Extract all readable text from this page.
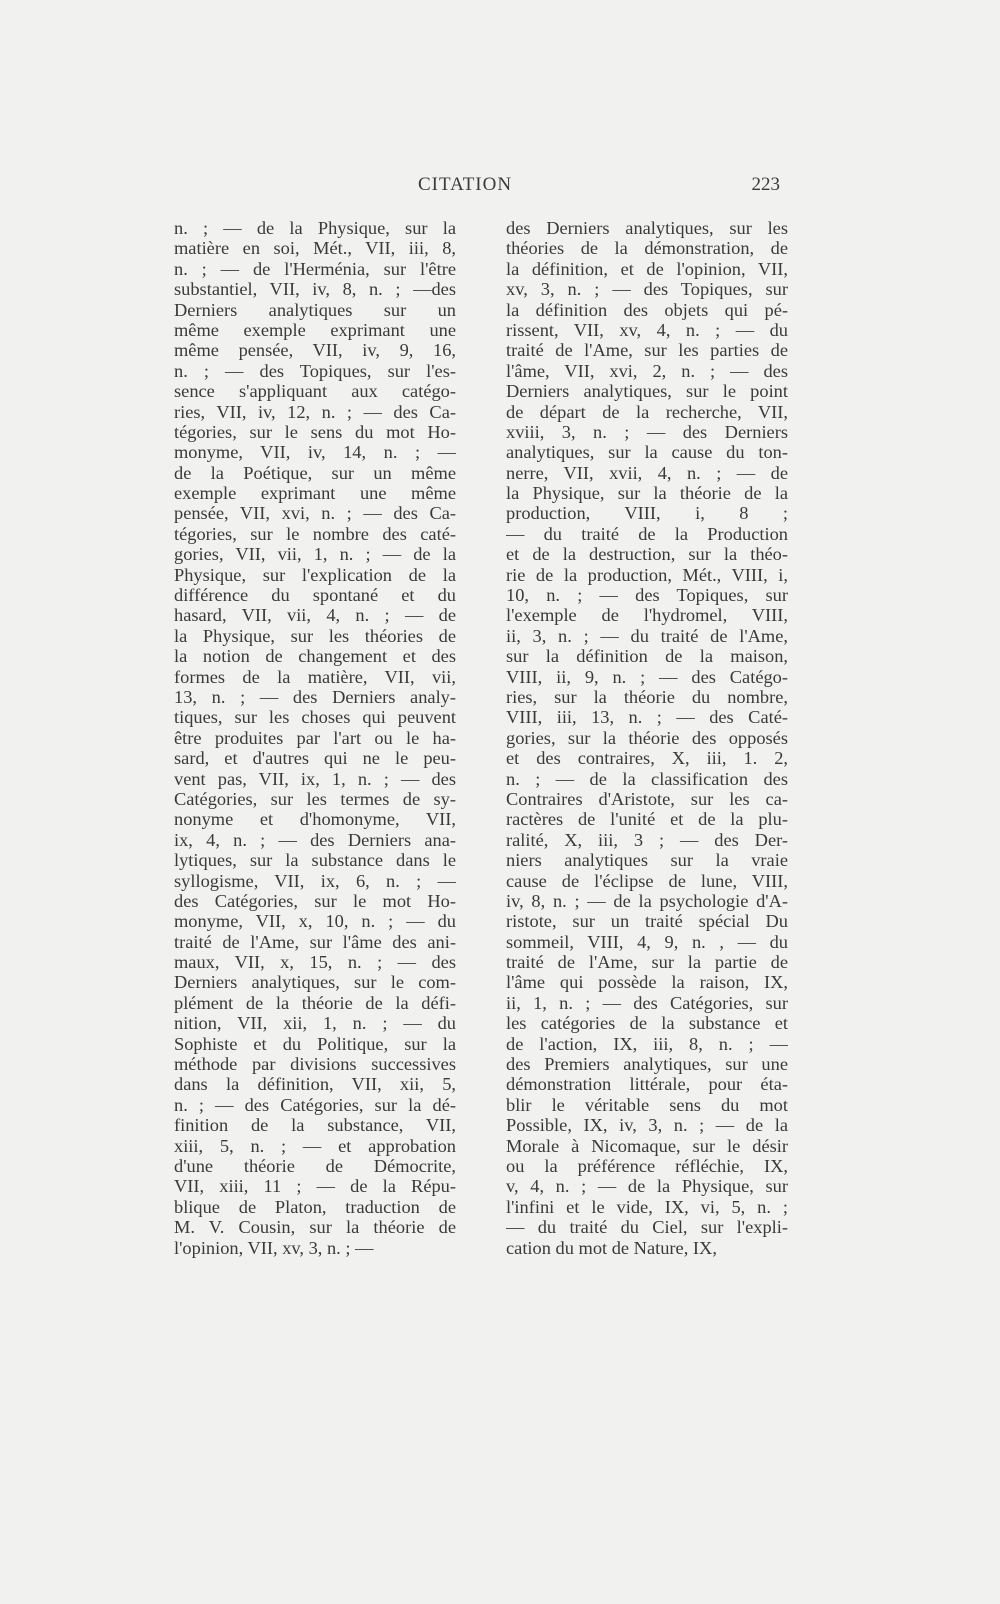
CITATION	223
n. ; — de la Physique, sur la
matière en soi, Mét., VII, iii, 8,
n. ; — de l'Herménia, sur l'être
substantiel, VII, iv, 8, n. ; —des
Derniers analytiques sur un
même exemple exprimant une
même pensée, VII, iv, 9, 16,
n. ; — des Topiques, sur l'es-
sence s'appliquant aux catégo-
ries, VII, iv, 12, n. ; — des Ca-
tégories, sur le sens du mot Ho-
monyme, VII, iv, 14, n. ; —
de la Poétique, sur un même
exemple exprimant une même
pensée, VII, xvi, n. ; — des Ca-
tégories, sur le nombre des caté-
gories, VII, vii, 1, n. ; — de la
Physique, sur l'explication de la
différence du spontané et du
hasard, VII, vii, 4, n. ; — de
la Physique, sur les théories de
la notion de changement et des
formes de la matière, VII, vii,
13, n. ; — des Derniers analy-
tiques, sur les choses qui peuvent
être produites par l'art ou le ha-
sard, et d'autres qui ne le peu-
vent pas, VII, ix, 1, n. ; — des
Catégories, sur les termes de sy-
nonyme et d'homonyme, VII,
ix, 4, n. ; — des Derniers ana-
lytiques, sur la substance dans le
syllogisme, VII, ix, 6, n. ; —
des Catégories, sur le mot Ho-
monyme, VII, x, 10, n. ; — du
traité de l'Ame, sur l'âme des ani-
maux, VII, x, 15, n. ; — des
Derniers analytiques, sur le com-
plément de la théorie de la défi-
nition, VII, xii, 1, n. ; — du
Sophiste et du Politique, sur la
méthode par divisions successives
dans la définition, VII, xii, 5,
n. ; — des Catégories, sur la dé-
finition de la substance, VII,
xiii, 5, n. ; — et approbation
d'une théorie de Démocrite,
VII, xiii, 11 ; — de la Répu-
blique de Platon, traduction de
M. V. Cousin, sur la théorie de
l'opinion, VII, xv, 3, n. ; —
des Derniers analytiques, sur les
théories de la démonstration, de
la définition, et de l'opinion, VII,
xv, 3, n. ; — des Topiques, sur
la définition des objets qui pé-
rissent, VII, xv, 4, n. ; — du
traité de l'Ame, sur les parties de
l'âme, VII, xvi, 2, n. ; — des
Derniers analytiques, sur le point
de départ de la recherche, VII,
xviii, 3, n. ; — des Derniers
analytiques, sur la cause du ton-
nerre, VII, xvii, 4, n. ; — de
la Physique, sur la théorie de la
production, VIII, i, 8 ;
— du traité de la Production
et de la destruction, sur la théo-
rie de la production, Mét., VIII, i,
10, n. ; — des Topiques, sur
l'exemple de l'hydromel, VIII,
ii, 3, n. ; — du traité de l'Ame,
sur la définition de la maison,
VIII, ii, 9, n. ; — des Catégo-
ries, sur la théorie du nombre,
VIII, iii, 13, n. ; — des Caté-
gories, sur la théorie des opposés
et des contraires, X, iii, 1. 2,
n. ; — de la classification des
Contraires d'Aristote, sur les ca-
ractères de l'unité et de la plu-
ralité, X, iii, 3 ; — des Der-
niers analytiques sur la vraie
cause de l'éclipse de lune, VIII,
iv, 8, n. ; — de la psychologie d'A-
ristote, sur un traité spécial Du
sommeil, VIII, 4, 9, n. , — du
traité de l'Ame, sur la partie de
l'âme qui possède la raison, IX,
ii, 1, n. ; — des Catégories, sur
les catégories de la substance et
de l'action, IX, iii, 8, n. ; —
des Premiers analytiques, sur une
démonstration littérale, pour éta-
blir le véritable sens du mot
Possible, IX, iv, 3, n. ; — de la
Morale à Nicomaque, sur le désir
ou la préférence réfléchie, IX,
v, 4, n. ; — de la Physique, sur
l'infini et le vide, IX, vi, 5, n. ;
— du traité du Ciel, sur l'expli-
cation du mot de Nature, IX,
